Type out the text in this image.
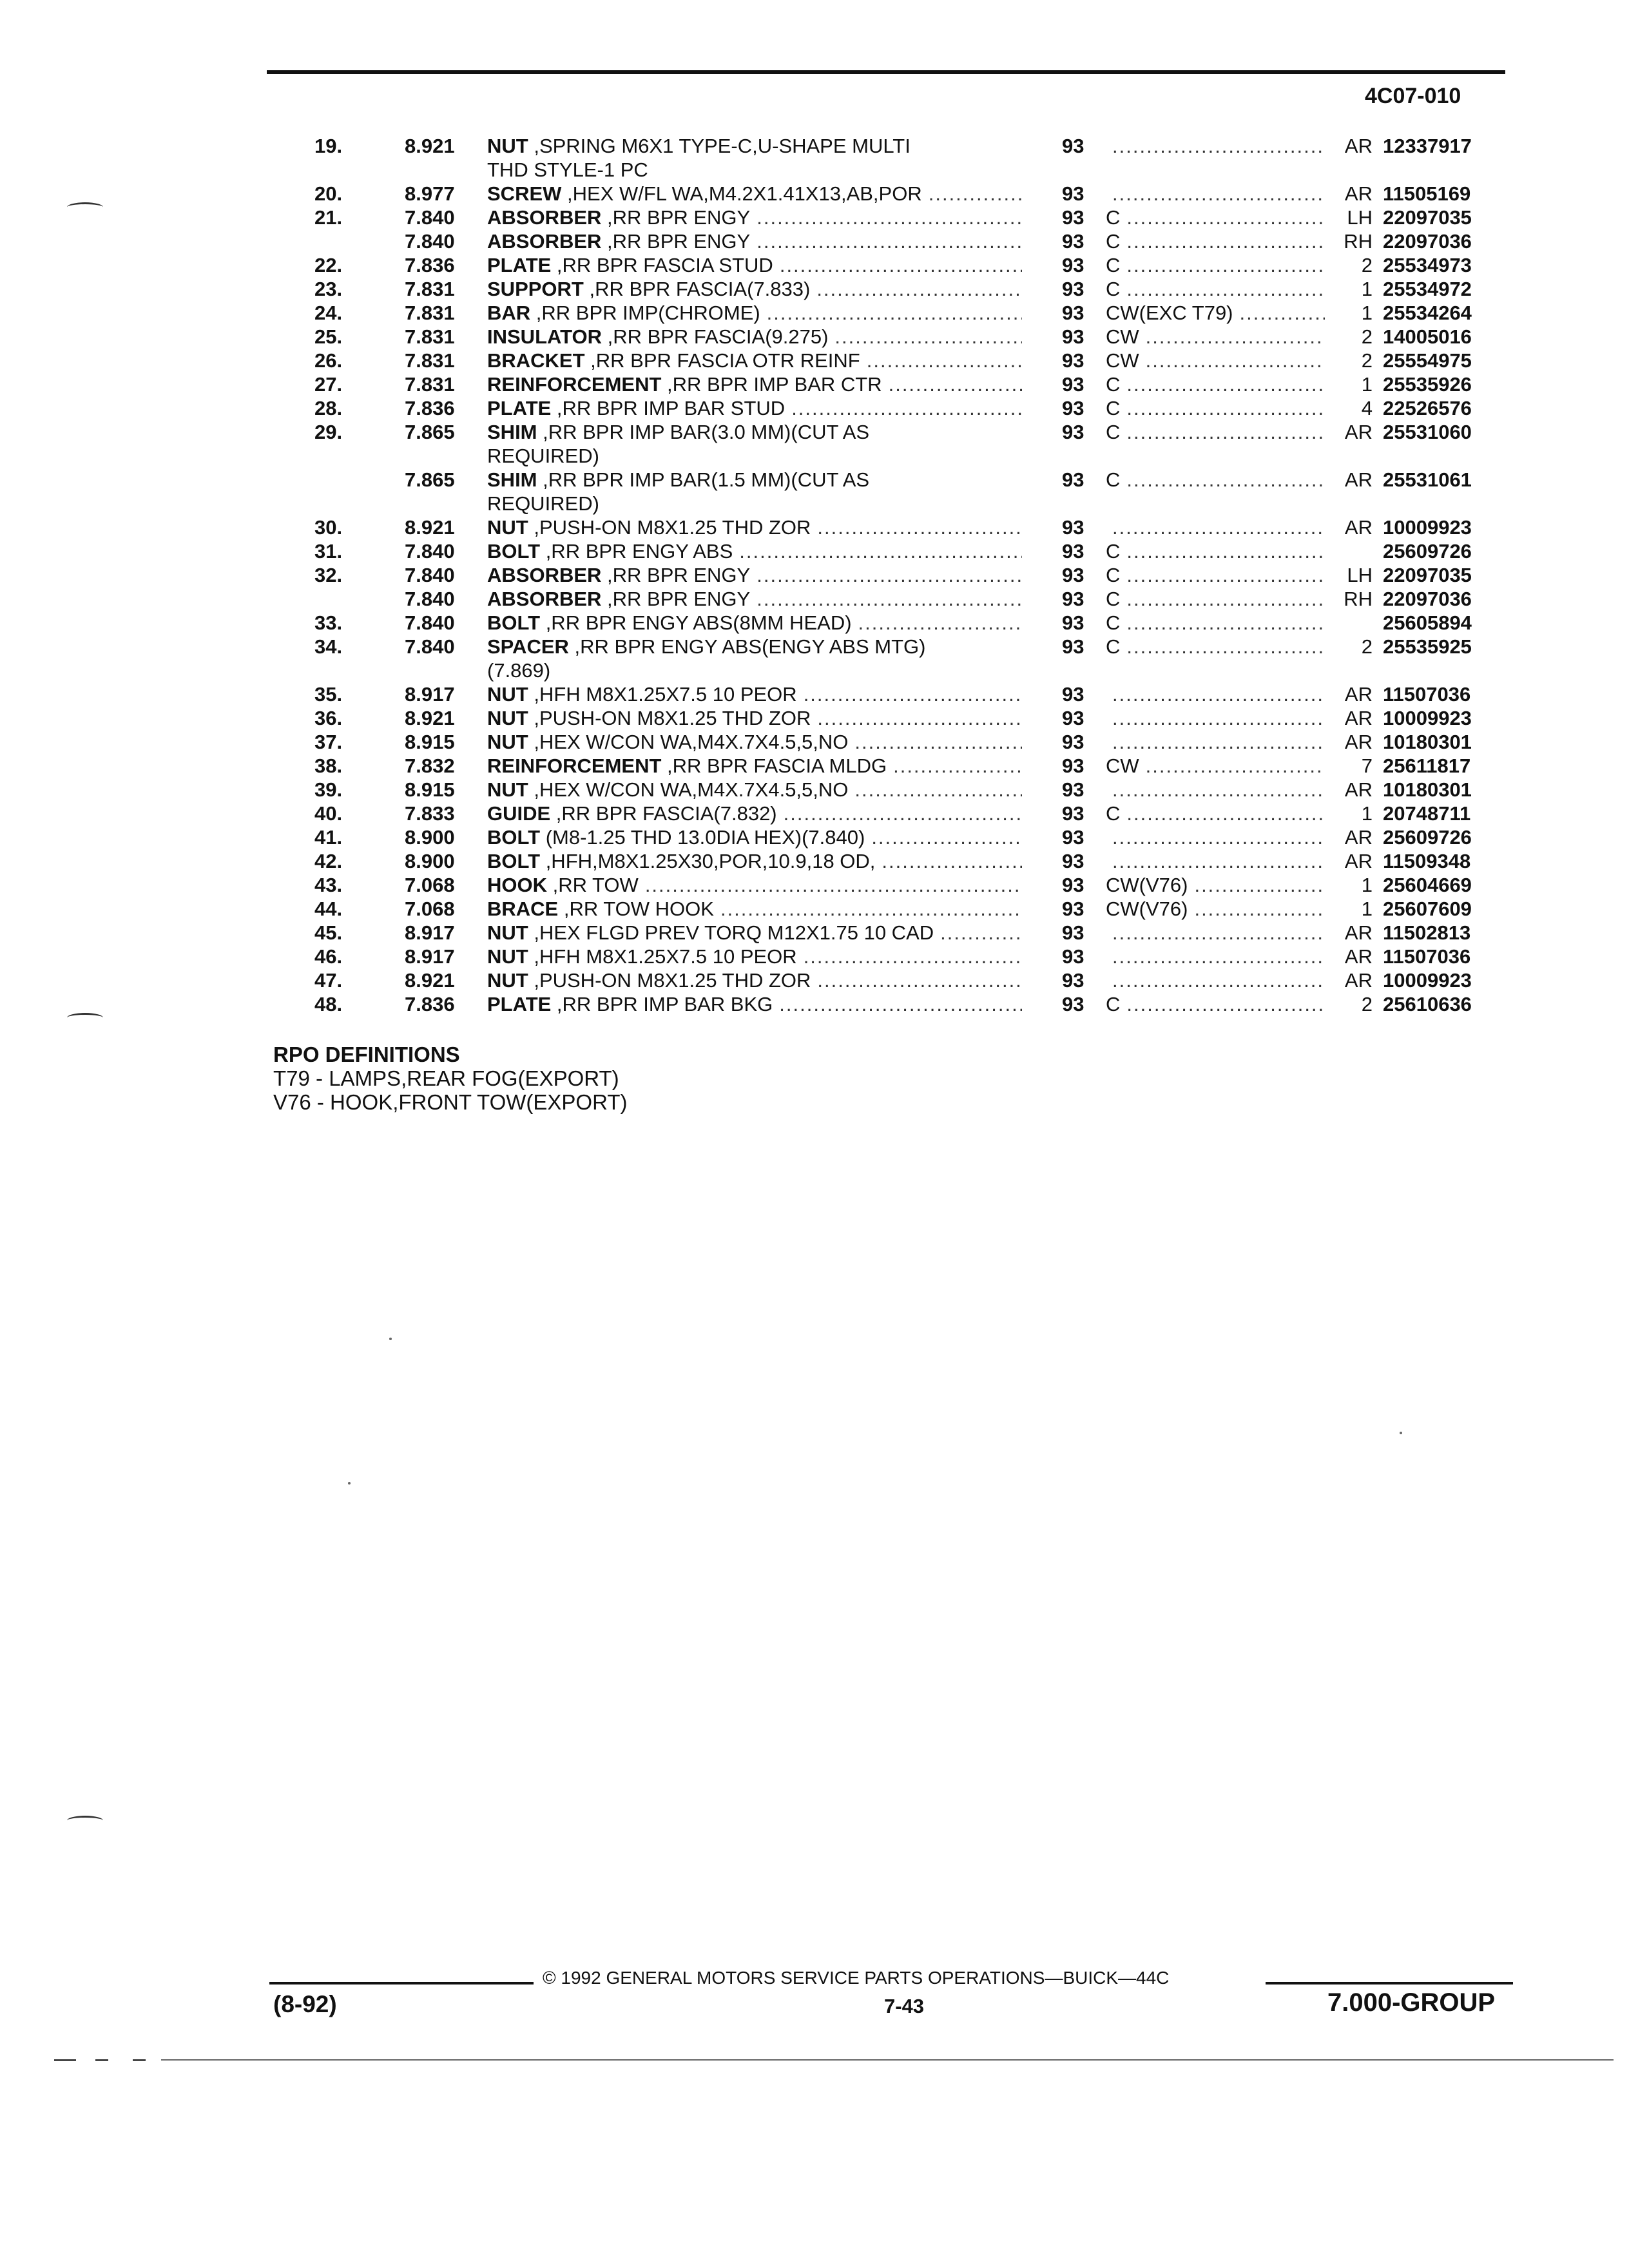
4C07-010
19.	8.921	NUT ,SPRING M6X1 TYPE-C,U-SHAPE MULTI
THD STYLE-1 PC
93 .....	AR 12337917
20.	8.977	SCREW ,HEX W/FL WA,M4.2X1.41X13,AB,POR .....	93 .....	AR 11505169
21.	7.840	ABSORBER ,RR BPR ENGY .....	93 C .....	LH 22097035
7.840	ABSORBER ,RR BPR ENGY .....	93 C .....	RH 22097036
22.	7.836	PLATE ,RR BPR FASCIA STUD .....	93 C .....	2 25534973
23.	7.831	SUPPORT ,RR BPR FASCIA(7.833) .....	93 C .....	1 25534972
24.	7.831	BAR ,RR BPR IMP(CHROME) .....	93 CW(EXC T79) .....	1 25534264
25.	7.831	INSULATOR ,RR BPR FASCIA(9.275) .....	93 CW .....	2 14005016
26.	7.831	BRACKET ,RR BPR FASCIA OTR REINF .....	93 CW .....	2 25554975
27.	7.831	REINFORCEMENT ,RR BPR IMP BAR CTR .....	93 C .....	1 25535926
28.	7.836	PLATE ,RR BPR IMP BAR STUD .....	93 C .....	4 22526576
29.	7.865	SHIM ,RR BPR IMP BAR(3.0 MM)(CUT AS
REQUIRED)
93 C .....	AR 25531060
7.865	SHIM ,RR BPR IMP BAR(1.5 MM)(CUT AS
REQUIRED)
93 C .....	AR 25531061
30.	8.921	NUT ,PUSH-ON M8X1.25 THD ZOR .....	93 .....	AR 10009923
31.	7.840	BOLT ,RR BPR ENGY ABS .....	93 C .....	25609726
32.	7.840	ABSORBER ,RR BPR ENGY .....	93 C .....	LH 22097035
7.840	ABSORBER ,RR BPR ENGY .....	93 C .....	RH 22097036
33.	7.840	BOLT ,RR BPR ENGY ABS(8MM HEAD) .....	93 C .....	25605894
34.	7.840	SPACER ,RR BPR ENGY ABS(ENGY ABS MTG)
(7.869)
93 C .....	2 25535925
35.	8.917	NUT ,HFH M8X1.25X7.5 10 PEOR .....	93 .....	AR 11507036
36.	8.921	NUT ,PUSH-ON M8X1.25 THD ZOR .....	93 .....	AR 10009923
37.	8.915	NUT ,HEX W/CON WA,M4X.7X4.5,5,NO .....	93 .....	AR 10180301
38.	7.832	REINFORCEMENT ,RR BPR FASCIA MLDG .....	93 CW .....	7 25611817
39.	8.915	NUT ,HEX W/CON WA,M4X.7X4.5,5,NO .....	93 .....	AR 10180301
40.	7.833	GUIDE ,RR BPR FASCIA(7.832) .....	93 C .....	1 20748711
41.	8.900	BOLT (M8-1.25 THD 13.0DIA HEX)(7.840) .....	93 .....	AR 25609726
42.	8.900	BOLT ,HFH,M8X1.25X30,POR,10.9,18 OD, .....	93 .....	AR 11509348
43.	7.068	HOOK ,RR TOW .....	93 CW(V76) .....	1 25604669
44.	7.068	BRACE ,RR TOW HOOK .....	93 CW(V76) .....	1 25607609
45.	8.917	NUT ,HEX FLGD PREV TORQ M12X1.75 10 CAD .....	93 .....	AR 11502813
46.	8.917	NUT ,HFH M8X1.25X7.5 10 PEOR .....	93 .....	AR 11507036
47.	8.921	NUT ,PUSH-ON M8X1.25 THD ZOR .....	93 .....	AR 10009923
48.	7.836	PLATE ,RR BPR IMP BAR BKG .....	93 C .....	2 25610636
RPO DEFINITIONS
T79 - LAMPS,REAR FOG(EXPORT)
V76 - HOOK,FRONT TOW(EXPORT)
© 1992 GENERAL MOTORS SERVICE PARTS OPERATIONS—BUICK—44C
(8-92)	7-43	7.000-GROUP
